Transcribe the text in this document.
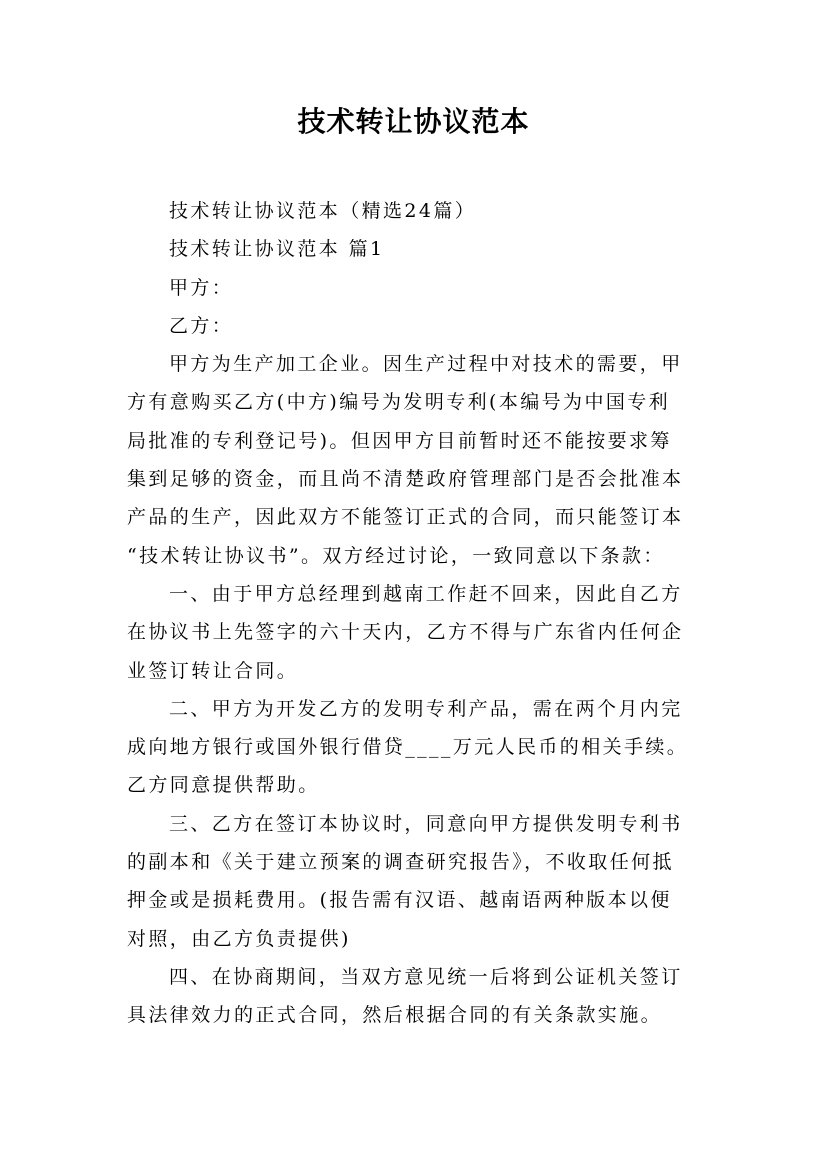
技术转让协议范本
技术转让协议范本（精选24篇）
技术转让协议范本 篇1
甲方：
乙方：
甲方为生产加工企业。因生产过程中对技术的需要，甲
方有意购买乙方(中方)编号为发明专利(本编号为中国专利
局批准的专利登记号)。但因甲方目前暂时还不能按要求筹
集到足够的资金，而且尚不清楚政府管理部门是否会批准本
产品的生产，因此双方不能签订正式的合同，而只能签订本
“技术转让协议书”。双方经过讨论，一致同意以下条款：
一、由于甲方总经理到越南工作赶不回来，因此自乙方
在协议书上先签字的六十天内，乙方不得与广东省内任何企
业签订转让合同。
二、甲方为开发乙方的发明专利产品，需在两个月内完
成向地方银行或国外银行借贷____万元人民币的相关手续。
乙方同意提供帮助。
三、乙方在签订本协议时，同意向甲方提供发明专利书
的副本和《关于建立预案的调查研究报告》，不收取任何抵
押金或是损耗费用。(报告需有汉语、越南语两种版本以便
对照，由乙方负责提供)
四、在协商期间，当双方意见统一后将到公证机关签订
具法律效力的正式合同，然后根据合同的有关条款实施。
